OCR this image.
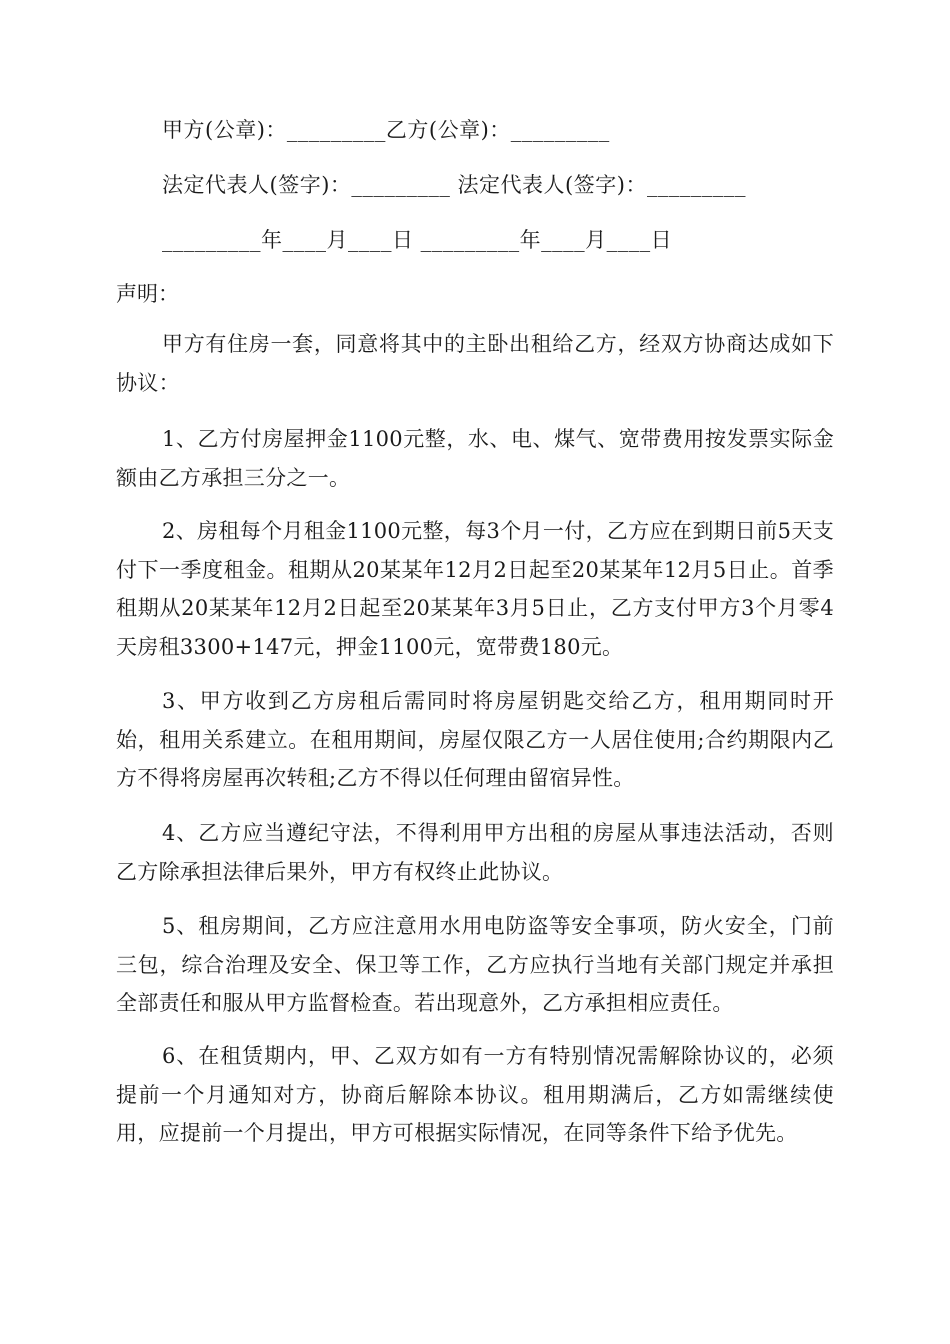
甲方(公章)：_________乙方(公章)：_________
法定代表人(签字)：_________ 法定代表人(签字)：_________
_________年____月____日 _________年____月____日
声明：

甲方有住房一套，同意将其中的主卧出租给乙方，经双方协商达成如下协议：

1、乙方付房屋押金1100元整，水、电、煤气、宽带费用按发票实际金额由乙方承担三分之一。

2、房租每个月租金1100元整，每3个月一付，乙方应在到期日前5天支付下一季度租金。租期从20某某年12月2日起至20某某年12月5日止。首季租期从20某某年12月2日起至20某某年3月5日止，乙方支付甲方3个月零4天房租3300+147元，押金1100元，宽带费180元。

3、甲方收到乙方房租后需同时将房屋钥匙交给乙方，租用期同时开始，租用关系建立。在租用期间，房屋仅限乙方一人居住使用;合约期限内乙方不得将房屋再次转租;乙方不得以任何理由留宿异性。

4、乙方应当遵纪守法，不得利用甲方出租的房屋从事违法活动，否则乙方除承担法律后果外，甲方有权终止此协议。

5、租房期间，乙方应注意用水用电防盗等安全事项，防火安全，门前三包，综合治理及安全、保卫等工作，乙方应执行当地有关部门规定并承担全部责任和服从甲方监督检查。若出现意外，乙方承担相应责任。

6、在租赁期内，甲、乙双方如有一方有特别情况需解除协议的，必须提前一个月通知对方，协商后解除本协议。租用期满后，乙方如需继续使用，应提前一个月提出，甲方可根据实际情况，在同等条件下给予优先。
